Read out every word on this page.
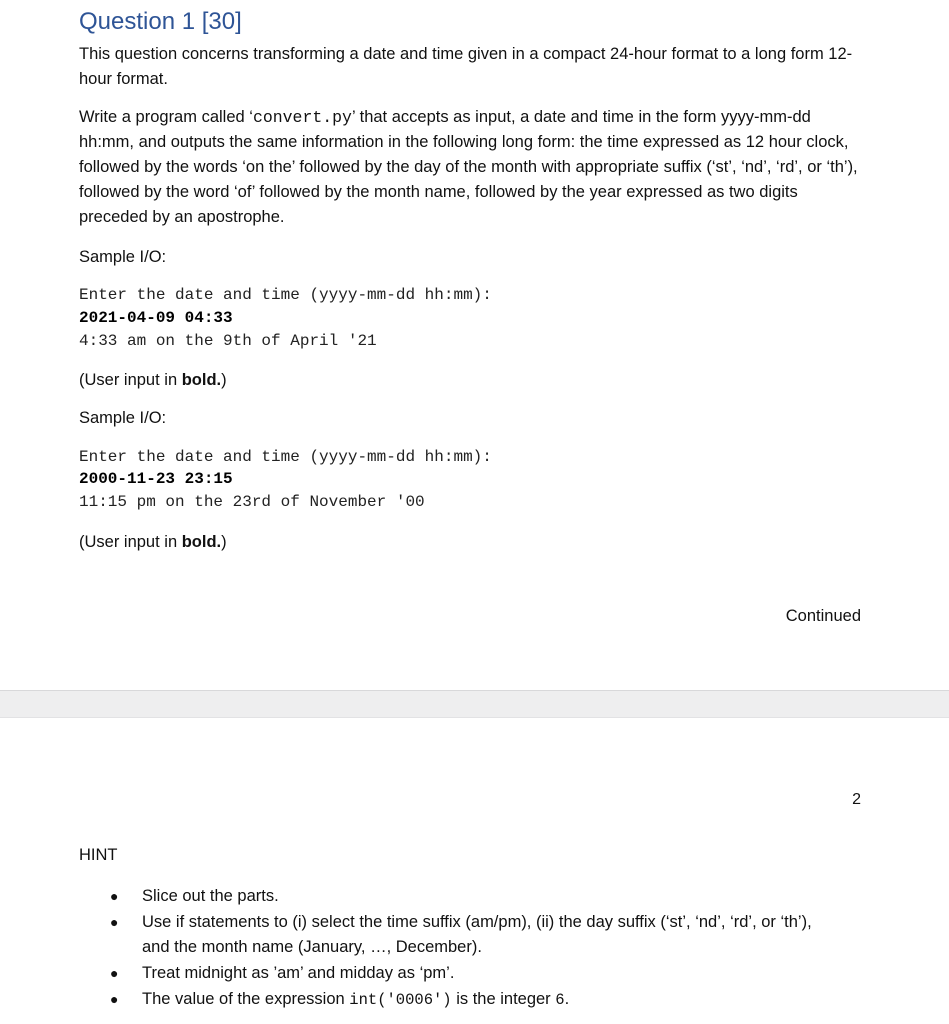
Question 1 [30]
This question concerns transforming a date and time given in a compact 24-hour format to a long form 12-hour format.
Write a program called ‘convert.py’ that accepts as input, a date and time in the form yyyy-mm-dd hh:mm, and outputs the same information in the following long form: the time expressed as 12 hour clock, followed by the words ‘on the’ followed by the day of the month with appropriate suffix (‘st’, ‘nd’, ‘rd’, or ‘th’), followed by the word ‘of’ followed by the month name, followed by the year expressed as two digits preceded by an apostrophe.
Sample I/O:
Enter the date and time (yyyy-mm-dd hh:mm):
2021-04-09 04:33
4:33 am on the 9th of April '21
(User input in bold.)
Sample I/O:
Enter the date and time (yyyy-mm-dd hh:mm):
2000-11-23 23:15
11:15 pm on the 23rd of November '00
(User input in bold.)
Continued
2
HINT
● Slice out the parts.
● Use if statements to (i) select the time suffix (am/pm), (ii) the day suffix (‘st’, ‘nd’, ‘rd’, or ‘th’), and the month name (January, …, December).
● Treat midnight as ’am’ and midday as ‘pm’.
● The value of the expression int('0006') is the integer 6.
